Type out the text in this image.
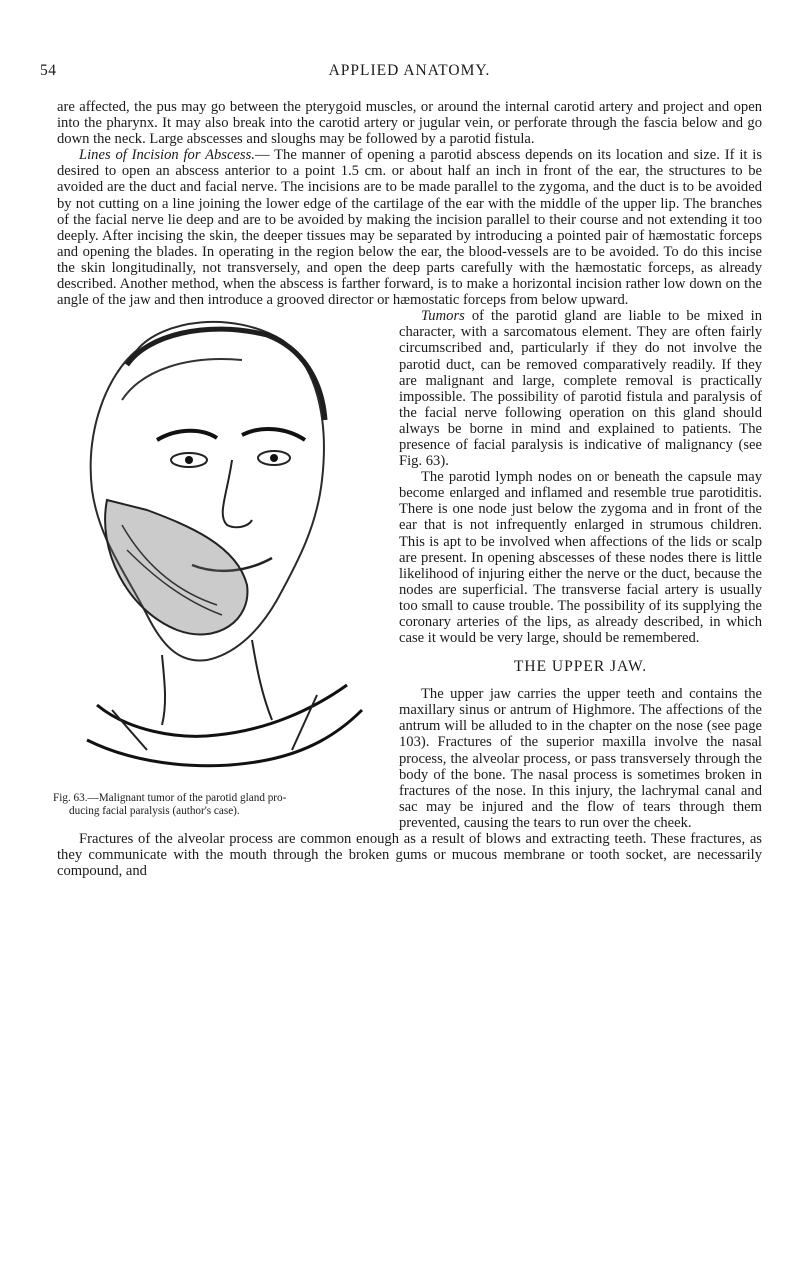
54	APPLIED ANATOMY.

are affected, the pus may go between the pterygoid muscles, or around the internal carotid artery and project and open into the pharynx. It may also break into the carotid artery or jugular vein, or perforate through the fascia below and go down the neck. Large abscesses and sloughs may be followed by a parotid fistula.

Lines of Incision for Abscess.— The manner of opening a parotid abscess depends on its location and size. If it is desired to open an abscess anterior to a point 1.5 cm. or about half an inch in front of the ear, the structures to be avoided are the duct and facial nerve. The incisions are to be made parallel to the zygoma, and the duct is to be avoided by not cutting on a line joining the lower edge of the cartilage of the ear with the middle of the upper lip. The branches of the facial nerve lie deep and are to be avoided by making the incision parallel to their course and not extending it too deeply. After incising the skin, the deeper tissues may be separated by introducing a pointed pair of hæmostatic forceps and opening the blades. In operating in the region below the ear, the blood-vessels are to be avoided. To do this incise the skin longitudinally, not transversely, and open the deep parts carefully with the hæmostatic forceps, as already described. Another method, when the abscess is farther forward, is to make a horizontal incision rather low down on the angle of the jaw and then introduce a grooved director or hæmostatic forceps from below upward.

Fig. 63.—Malignant tumor of the parotid gland pro-
ducing facial paralysis (author's case).

Tumors of the parotid gland are liable to be mixed in character, with a sarcomatous element. They are often fairly circumscribed and, particularly if they do not involve the parotid duct, can be removed comparatively readily. If they are malignant and large, complete removal is practically impossible. The possibility of parotid fistula and paralysis of the facial nerve following operation on this gland should always be borne in mind and explained to patients. The presence of facial paralysis is indicative of malignancy (see Fig. 63).

The parotid lymph nodes on or beneath the capsule may become enlarged and inflamed and resemble true parotiditis. There is one node just below the zygoma and in front of the ear that is not infrequently enlarged in strumous children. This is apt to be involved when affections of the lids or scalp are present. In opening abscesses of these nodes there is little likelihood of injuring either the nerve or the duct, because the nodes are superficial. The transverse facial artery is usually too small to cause trouble. The possibility of its supplying the coronary arteries of the lips, as already described, in which case it would be very large, should be remembered.

THE UPPER JAW.

The upper jaw carries the upper teeth and contains the maxillary sinus or antrum of Highmore. The affections of the antrum will be alluded to in the chapter on the nose (see page 103). Fractures of the superior maxilla involve the nasal process, the alveolar process, or pass transversely through the body of the bone. The nasal process is sometimes broken in fractures of the nose. In this injury, the lachrymal canal and sac may be injured and the flow of tears through them prevented, causing the tears to run over the cheek.

Fractures of the alveolar process are common enough as a result of blows and extracting teeth. These fractures, as they communicate with the mouth through the broken gums or mucous membrane or tooth socket, are necessarily compound, and
